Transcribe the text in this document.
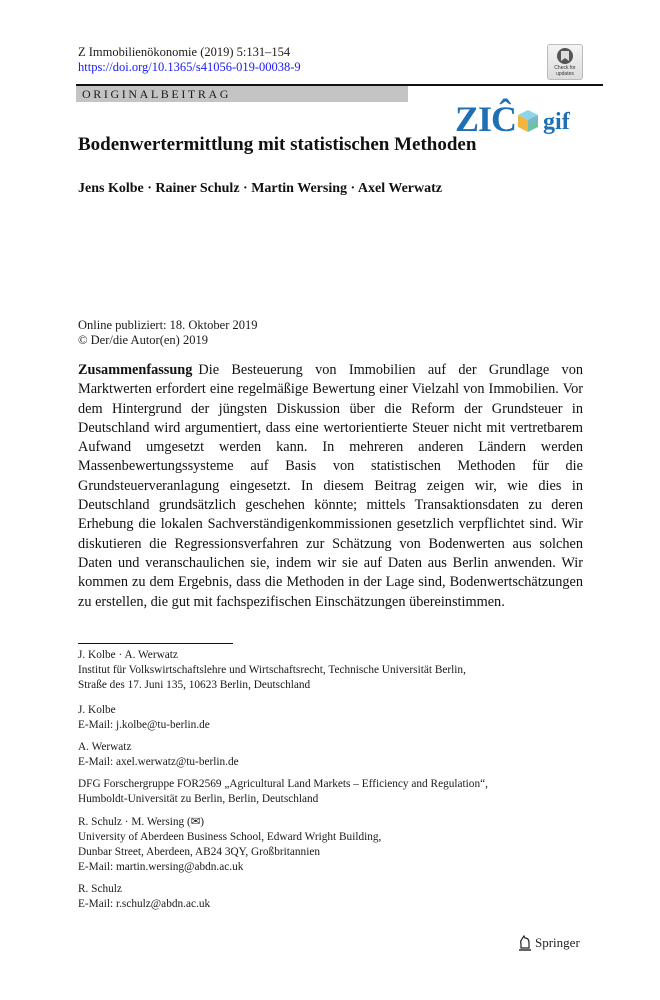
Z Immobilienökonomie (2019) 5:131–154
https://doi.org/10.1365/s41056-019-00038-9	Check for
updates
ORIGINALBEITRAG
ZIĈ gif
Bodenwertermittlung mit statistischen Methoden
Jens Kolbe · Rainer Schulz · Martin Wersing · Axel Werwatz
Online publiziert: 18. Oktober 2019
© Der/die Autor(en) 2019
Zusammenfassung Die Besteuerung von Immobilien auf der Grundlage von Marktwerten erfordert eine regelmäßige Bewertung einer Vielzahl von Immobilien. Vor dem Hintergrund der jüngsten Diskussion über die Reform der Grundsteuer in Deutschland wird argumentiert, dass eine wertorientierte Steuer nicht mit vertretbarem Aufwand umgesetzt werden kann. In mehreren anderen Ländern werden Massenbewertungssysteme auf Basis von statistischen Methoden für die Grundsteuerveranlagung eingesetzt. In diesem Beitrag zeigen wir, wie dies in Deutschland grundsätzlich geschehen könnte; mittels Transaktionsdaten zu deren Erhebung die lokalen Sachverständigenkommissionen gesetzlich verpflichtet sind. Wir diskutieren die Regressionsverfahren zur Schätzung von Bodenwerten aus solchen Daten und veranschaulichen sie, indem wir sie auf Daten aus Berlin anwenden. Wir kommen zu dem Ergebnis, dass die Methoden in der Lage sind, Bodenwertschätzungen zu erstellen, die gut mit fachspezifischen Einschätzungen übereinstimmen.
J. Kolbe · A. Werwatz
Institut für Volkswirtschaftslehre und Wirtschaftsrecht, Technische Universität Berlin,
Straße des 17. Juni 135, 10623 Berlin, Deutschland
J. Kolbe
E-Mail: j.kolbe@tu-berlin.de
A. Werwatz
E-Mail: axel.werwatz@tu-berlin.de
DFG Forschergruppe FOR2569 „Agricultural Land Markets – Efficiency and Regulation“,
Humboldt-Universität zu Berlin, Berlin, Deutschland
R. Schulz · M. Wersing (✉)
University of Aberdeen Business School, Edward Wright Building,
Dunbar Street, Aberdeen, AB24 3QY, Großbritannien
E-Mail: martin.wersing@abdn.ac.uk
R. Schulz
E-Mail: r.schulz@abdn.ac.uk
Springer
